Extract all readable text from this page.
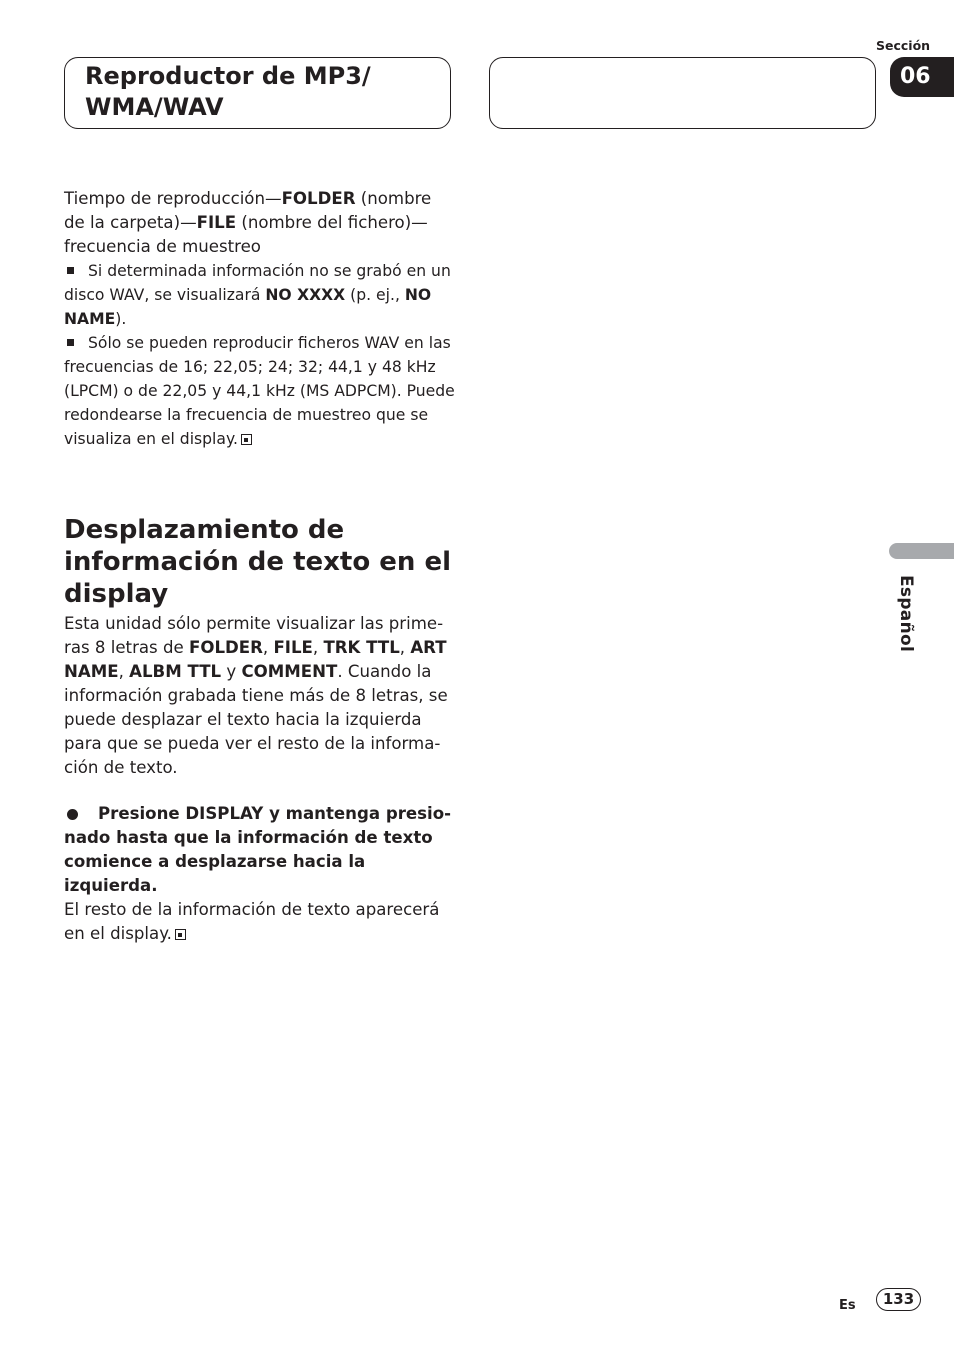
Reproductor de MP3/
WMA/WAV
Sección
06
Español

Tiempo de reproducción—FOLDER (nombre de la carpeta)—FILE (nombre del fichero)—frecuencia de muestreo

Si determinada información no se grabó en un disco WAV, se visualizará NO XXXX (p. ej., NO NAME).

Sólo se pueden reproducir ficheros WAV en las frecuencias de 16; 22,05; 24; 32; 44,1 y 48 kHz (LPCM) o de 22,05 y 44,1 kHz (MS ADPCM). Puede redondearse la frecuencia de muestreo que se visualiza en el display.

Desplazamiento de información de texto en el display

Esta unidad sólo permite visualizar las primeras 8 letras de FOLDER, FILE, TRK TTL, ART NAME, ALBM TTL y COMMENT. Cuando la información grabada tiene más de 8 letras, se puede desplazar el texto hacia la izquierda para que se pueda ver el resto de la información de texto.

Presione DISPLAY y mantenga presionado hasta que la información de texto comience a desplazarse hacia la izquierda.

El resto de la información de texto aparecerá en el display.

Es	133
